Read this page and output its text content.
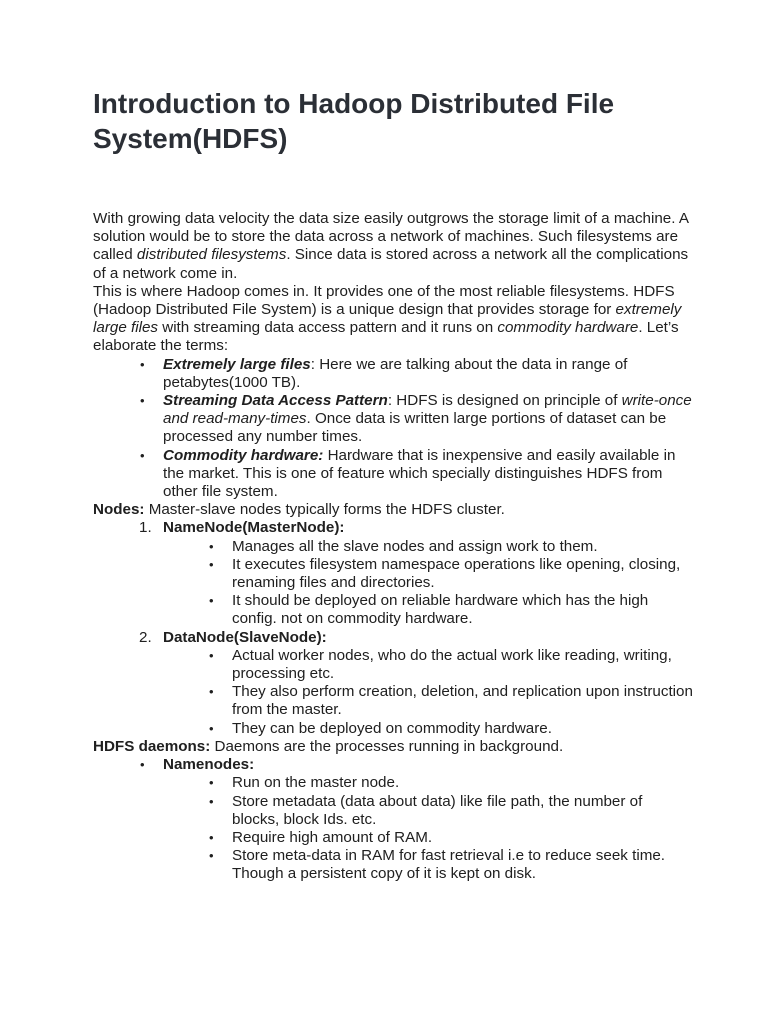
Introduction to Hadoop Distributed File System(HDFS)

With growing data velocity the data size easily outgrows the storage limit of a machine. A solution would be to store the data across a network of machines. Such filesystems are called distributed filesystems. Since data is stored across a network all the complications of a network come in.

This is where Hadoop comes in. It provides one of the most reliable filesystems. HDFS (Hadoop Distributed File System) is a unique design that provides storage for extremely large files with streaming data access pattern and it runs on commodity hardware. Let’s elaborate the terms:

• Extremely large files: Here we are talking about the data in range of petabytes(1000 TB).
• Streaming Data Access Pattern: HDFS is designed on principle of write-once and read-many-times. Once data is written large portions of dataset can be processed any number times.
• Commodity hardware: Hardware that is inexpensive and easily available in the market. This is one of feature which specially distinguishes HDFS from other file system.

Nodes: Master-slave nodes typically forms the HDFS cluster.

1. NameNode(MasterNode):
• Manages all the slave nodes and assign work to them.
• It executes filesystem namespace operations like opening, closing, renaming files and directories.
• It should be deployed on reliable hardware which has the high config. not on commodity hardware.
2. DataNode(SlaveNode):
• Actual worker nodes, who do the actual work like reading, writing, processing etc.
• They also perform creation, deletion, and replication upon instruction from the master.
• They can be deployed on commodity hardware.

HDFS daemons: Daemons are the processes running in background.

• Namenodes:
• Run on the master node.
• Store metadata (data about data) like file path, the number of blocks, block Ids. etc.
• Require high amount of RAM.
• Store meta-data in RAM for fast retrieval i.e to reduce seek time. Though a persistent copy of it is kept on disk.
